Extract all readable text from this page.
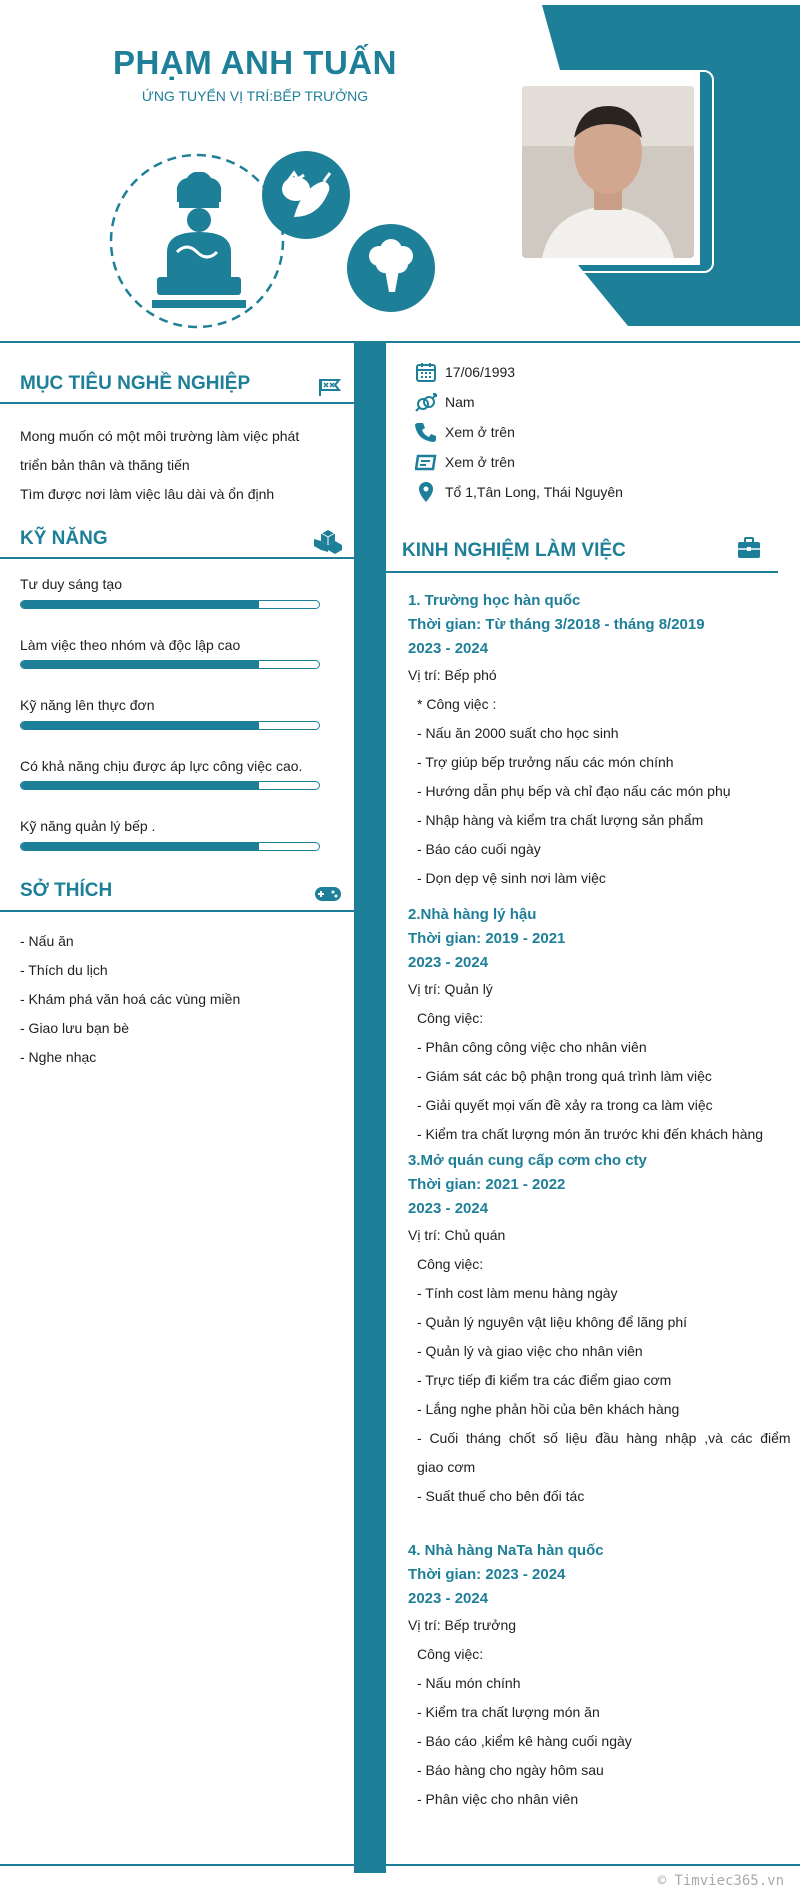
PHẠM ANH TUẤN
ỨNG TUYỂN VỊ TRÍ:BẾP TRƯỞNG
MỤC TIÊU NGHỀ NGHIỆP
Mong muốn có một môi trường làm việc phát
triển bản thân và thăng tiến
Tìm được nơi làm việc lâu dài và ổn định
KỸ NĂNG
Tư duy sáng tạo
Làm việc theo nhóm và độc lập cao
Kỹ năng lên thực đơn
Có khả năng chịu được áp lực công việc cao.
Kỹ năng quản lý bếp .
SỞ THÍCH
- Nấu ăn
- Thích du lịch
- Khám phá văn hoá các vùng miền
- Giao lưu bạn bè
- Nghe nhạc
17/06/1993
Nam
Xem ở trên
Xem ở trên
Tổ 1,Tân Long, Thái Nguyên
KINH NGHIỆM LÀM VIỆC
1. Trường học hàn quốc
Thời gian: Từ tháng 3/2018 - tháng 8/2019
2023 - 2024
Vị trí: Bếp phó
* Công việc :
- Nấu ăn 2000 suất cho học sinh
- Trợ giúp bếp trưởng nấu các món chính
- Hướng dẫn phụ bếp và chỉ đạo nấu các món phụ
- Nhập hàng và kiểm tra chất lượng sản phẩm
- Báo cáo cuối ngày
- Dọn dẹp vệ sinh nơi làm việc
2.Nhà hàng lý hậu
Thời gian: 2019 - 2021
2023 - 2024
Vị trí: Quản lý
Công việc:
- Phân công công việc cho nhân viên
- Giám sát các bộ phận trong quá trình làm việc
- Giải quyết mọi vấn đề xảy ra trong ca làm việc
- Kiểm tra chất lượng món ăn trước khi đến khách hàng
3.Mở quán cung cấp cơm cho cty
Thời gian: 2021 - 2022
2023 - 2024
Vị trí: Chủ quán
Công việc:
- Tính cost làm menu hàng ngày
- Quản lý nguyên vật liệu không để lãng phí
- Quản lý và giao việc cho nhân viên
- Trực tiếp đi kiểm tra các điểm giao cơm
- Lắng nghe phản hồi của bên khách hàng
-  Cuối  tháng  chốt  số  liệu  đầu  hàng  nhập  ,và  các  điểm
giao cơm
- Suất thuế cho bên đối tác
4. Nhà hàng NaTa hàn quốc
Thời gian: 2023 - 2024
2023 - 2024
Vị trí: Bếp trưởng
Công việc:
- Nấu món chính
- Kiểm tra chất lượng món ăn
- Báo cáo ,kiểm kê hàng cuối ngày
- Báo hàng cho ngày hôm sau
- Phân việc cho nhân viên
© Timviec365.vn
